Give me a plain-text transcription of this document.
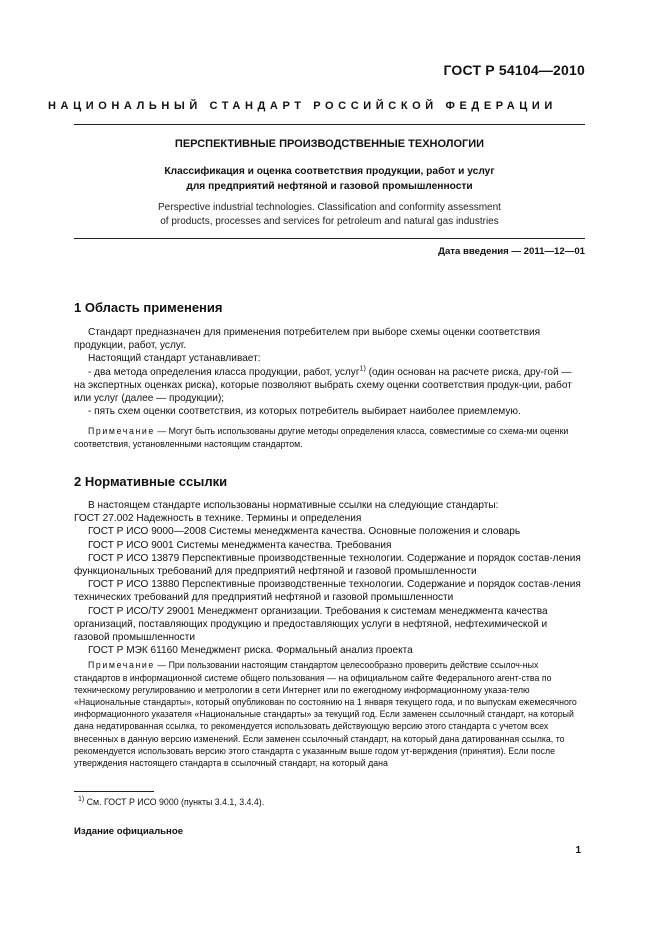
ГОСТ Р 54104—2010
НАЦИОНАЛЬНЫЙ СТАНДАРТ РОССИЙСКОЙ ФЕДЕРАЦИИ
ПЕРСПЕКТИВНЫЕ ПРОИЗВОДСТВЕННЫЕ ТЕХНОЛОГИИ
Классификация и оценка соответствия продукции, работ и услуг
для предприятий нефтяной и газовой промышленности
Perspective industrial technologies. Classification and conformity assessment
of products, processes and services for petroleum and natural gas industries
Дата введения — 2011—12—01
1 Область применения

Стандарт предназначен для применения потребителем при выборе схемы оценки соответствия продукции, работ, услуг.

Настоящий стандарт устанавливает:

- два метода определения класса продукции, работ, услуг$^{1)}$ (один основан на расчете риска, дру-гой — на экспертных оценках риска), которые позволяют выбрать схему оценки соответствия продук-ции, работ или услуг (далее — продукции);

- пять схем оценки соответствия, из которых потребитель выбирает наиболее приемлемую.

Примечание — Могут быть использованы другие методы определения класса, совместимые со схема-ми оценки соответствия, установленными настоящим стандартом.

2 Нормативные ссылки

В настоящем стандарте использованы нормативные ссылки на следующие стандарты:

ГОСТ 27.002 Надежность в технике. Термины и определения

ГОСТ Р ИСО 9000—2008 Системы менеджмента качества. Основные положения и словарь

ГОСТ Р ИСО 9001 Системы менеджмента качества. Требования

ГОСТ Р ИСО 13879 Перспективные производственные технологии. Содержание и порядок состав-ления функциональных требований для предприятий нефтяной и газовой промышленности

ГОСТ Р ИСО 13880 Перспективные производственные технологии. Содержание и порядок состав-ления технических требований для предприятий нефтяной и газовой промышленности

ГОСТ Р ИСО/ТУ 29001 Менеджмент организации. Требования к системам менеджмента качества организаций, поставляющих продукцию и предоставляющих услуги в нефтяной, нефтехимической и газовой промышленности

ГОСТ Р МЭК 61160 Менеджмент риска. Формальный анализ проекта

Примечание — При пользовании настоящим стандартом целесообразно проверить действие ссылоч-ных стандартов в информационной системе общего пользования — на официальном сайте Федерального агент-ства по техническому регулированию и метрологии в сети Интернет или по ежегодному информационному указа-телю «Национальные стандарты», который опубликован по состоянию на 1 января текущего года, и по выпускам ежемесячного информационного указателя «Национальные стандарты» за текущий год. Если заменен ссылочный стандарт, на который дана недатированная ссылка, то рекомендуется использовать действующую версию этого стандарта с учетом всех внесенных в данную версию изменений. Если заменен ссылочный стандарт, на который дана датированная ссылка, то рекомендуется использовать версию этого стандарта с указанным выше годом ут-верждения (принятия). Если после утверждения настоящего стандарта в ссылочный стандарт, на который дана

$^{1)}$ См. ГОСТ Р ИСО 9000 (пункты 3.4.1, 3.4.4).
Издание официальное
1
